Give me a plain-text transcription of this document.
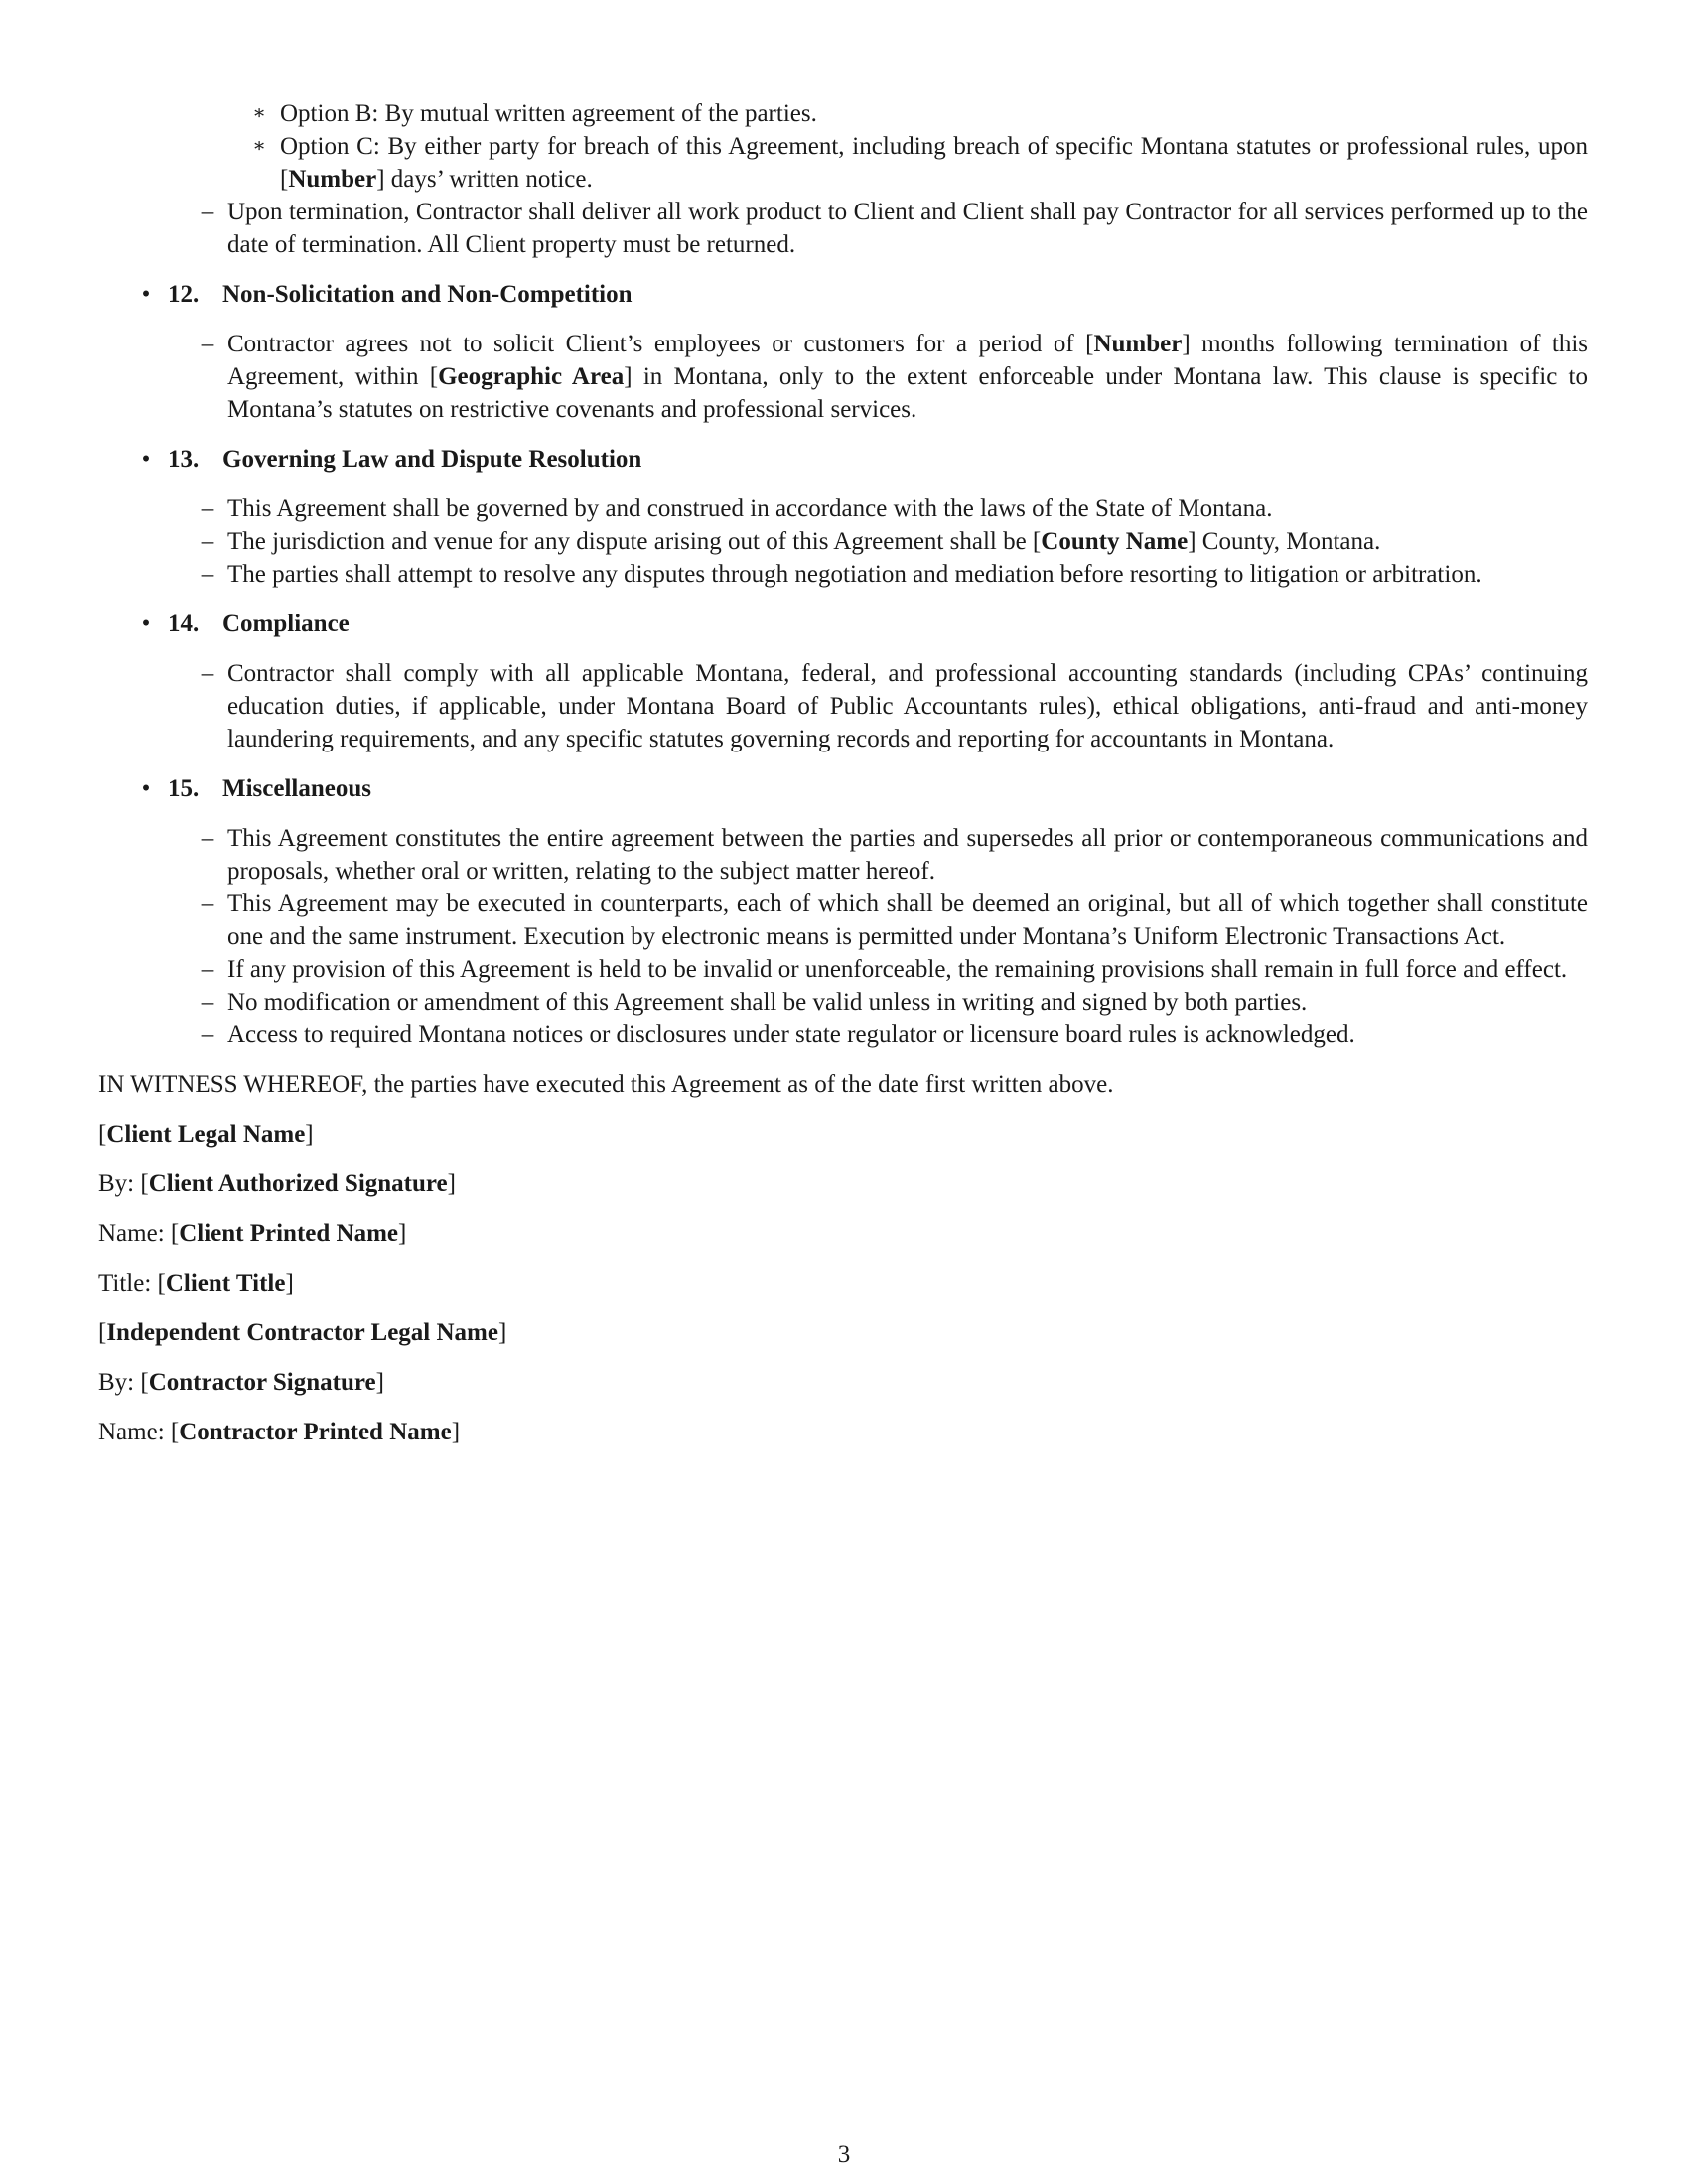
∗ Option B: By mutual written agreement of the parties.
∗ Option C: By either party for breach of this Agreement, including breach of specific Montana statutes or professional rules, upon [Number] days’ written notice.
– Upon termination, Contractor shall deliver all work product to Client and Client shall pay Contractor for all services performed up to the date of termination. All Client property must be returned.
• 12. Non-Solicitation and Non-Competition
– Contractor agrees not to solicit Client’s employees or customers for a period of [Number] months following termination of this Agreement, within [Geographic Area] in Montana, only to the extent enforceable under Montana law. This clause is specific to Montana’s statutes on restrictive covenants and professional services.
• 13. Governing Law and Dispute Resolution
– This Agreement shall be governed by and construed in accordance with the laws of the State of Montana.
– The jurisdiction and venue for any dispute arising out of this Agreement shall be [County Name] County, Montana.
– The parties shall attempt to resolve any disputes through negotiation and mediation before resorting to litigation or arbitration.
• 14. Compliance
– Contractor shall comply with all applicable Montana, federal, and professional accounting standards (including CPAs’ continuing education duties, if applicable, under Montana Board of Public Accountants rules), ethical obligations, anti-fraud and anti-money laundering requirements, and any specific statutes governing records and reporting for accountants in Montana.
• 15. Miscellaneous
– This Agreement constitutes the entire agreement between the parties and supersedes all prior or contemporaneous communications and proposals, whether oral or written, relating to the subject matter hereof.
– This Agreement may be executed in counterparts, each of which shall be deemed an original, but all of which together shall constitute one and the same instrument. Execution by electronic means is permitted under Montana’s Uniform Electronic Transactions Act.
– If any provision of this Agreement is held to be invalid or unenforceable, the remaining provisions shall remain in full force and effect.
– No modification or amendment of this Agreement shall be valid unless in writing and signed by both parties.
– Access to required Montana notices or disclosures under state regulator or licensure board rules is acknowledged.
IN WITNESS WHEREOF, the parties have executed this Agreement as of the date first written above.
[Client Legal Name]
By: [Client Authorized Signature]
Name: [Client Printed Name]
Title: [Client Title]
[Independent Contractor Legal Name]
By: [Contractor Signature]
Name: [Contractor Printed Name]
3
